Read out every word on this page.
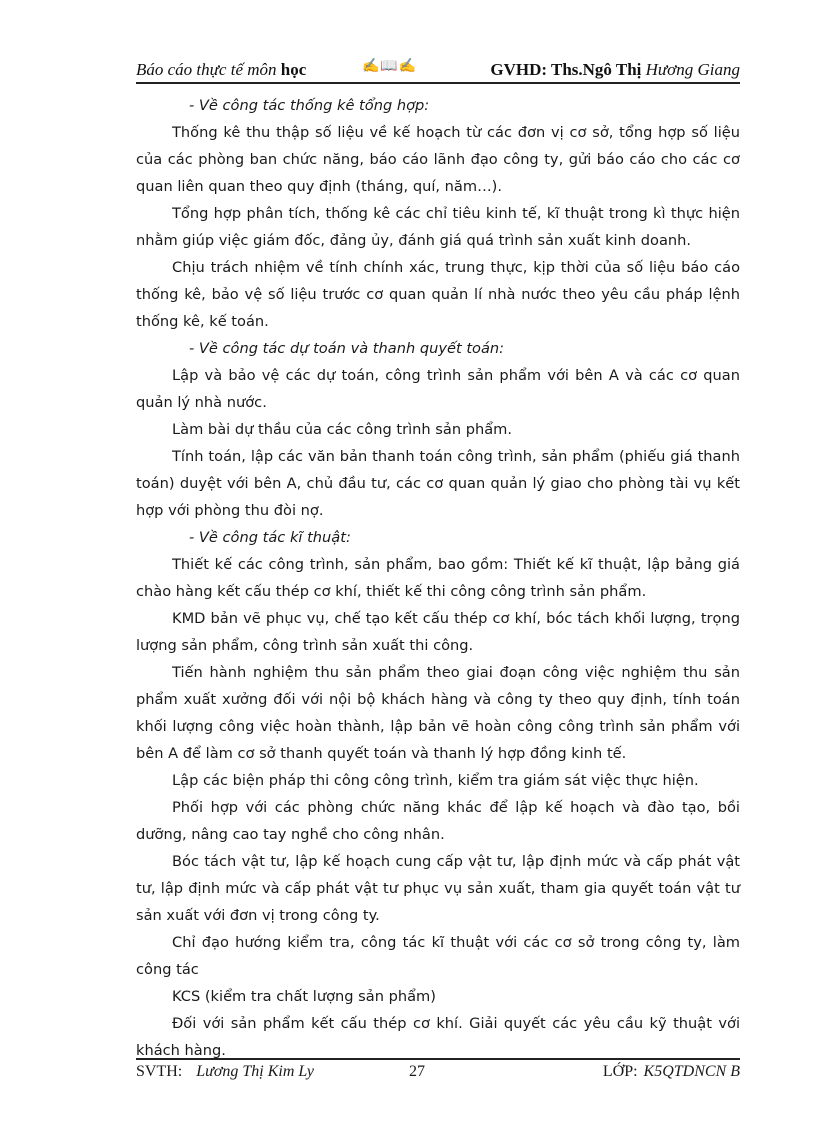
Báo cáo thực tế môn học	✍📖✍	GVHD: Ths.Ngô Thị Hương Giang

- Về công tác thống kê tổng hợp:

Thống kê thu thập số liệu về kế hoạch từ các đơn vị cơ sở, tổng hợp số liệu của các phòng ban chức năng, báo cáo lãnh đạo công ty, gửi báo cáo cho các cơ quan liên quan theo quy định (tháng, quí, năm…).

Tổng hợp phân tích, thống kê các chỉ tiêu kinh tế, kĩ thuật trong kì thực hiện nhằm giúp việc giám đốc, đảng ủy, đánh giá quá trình sản xuất kinh doanh.

Chịu trách nhiệm về tính chính xác, trung thực, kịp thời của số liệu báo cáo thống kê, bảo vệ số liệu trước cơ quan quản lí nhà nước theo yêu cầu pháp lệnh thống kê, kế toán.

- Về công tác dự toán và thanh quyết toán:

Lập và bảo vệ các dự toán, công trình sản phẩm với bên A và các cơ quan quản lý nhà nước.

Làm bài dự thầu của các công trình sản phẩm.

Tính toán, lập các văn bản thanh toán công trình, sản phẩm (phiếu giá thanh toán) duyệt với bên A, chủ đầu tư, các cơ quan quản lý giao cho phòng tài vụ kết hợp với phòng thu đòi nợ.

- Về công tác kĩ thuật:

Thiết kế các công trình, sản phẩm, bao gồm: Thiết kế kĩ thuật, lập bảng giá chào hàng kết cấu thép cơ khí, thiết kế thi công công trình sản phẩm.

KMD bản vẽ phục vụ, chế tạo kết cấu thép cơ khí, bóc tách khối lượng, trọng lượng sản phẩm, công trình sản xuất thi công.

Tiến hành nghiệm thu sản phẩm theo giai đoạn công việc nghiệm thu sản phẩm xuất xưởng đối với nội bộ khách hàng và công ty theo quy định, tính toán khối lượng công việc hoàn thành, lập bản vẽ hoàn công công trình sản phẩm với bên A để làm cơ sở thanh quyết toán và thanh lý hợp đồng kinh tế.

Lập các biện pháp thi công công trình, kiểm tra giám sát việc thực hiện.

Phối hợp với các phòng chức năng khác để lập kế hoạch và đào tạo, bồi dưỡng, nâng cao tay nghề cho công nhân.

Bóc tách vật tư, lập kế hoạch cung cấp vật tư, lập định mức và cấp phát vật tư, lập định mức và cấp phát vật tư phục vụ sản xuất, tham gia quyết toán vật tư sản xuất với đơn vị trong công ty.

Chỉ đạo hướng kiểm tra, công tác kĩ thuật với các cơ sở trong công ty, làm công tác

KCS (kiểm tra chất lượng sản phẩm)

Đối với sản phẩm kết cấu thép cơ khí. Giải quyết các yêu cầu kỹ thuật với khách hàng.

SVTH: Lương Thị Kim Ly	27	LỚP: K5QTDNCN B
